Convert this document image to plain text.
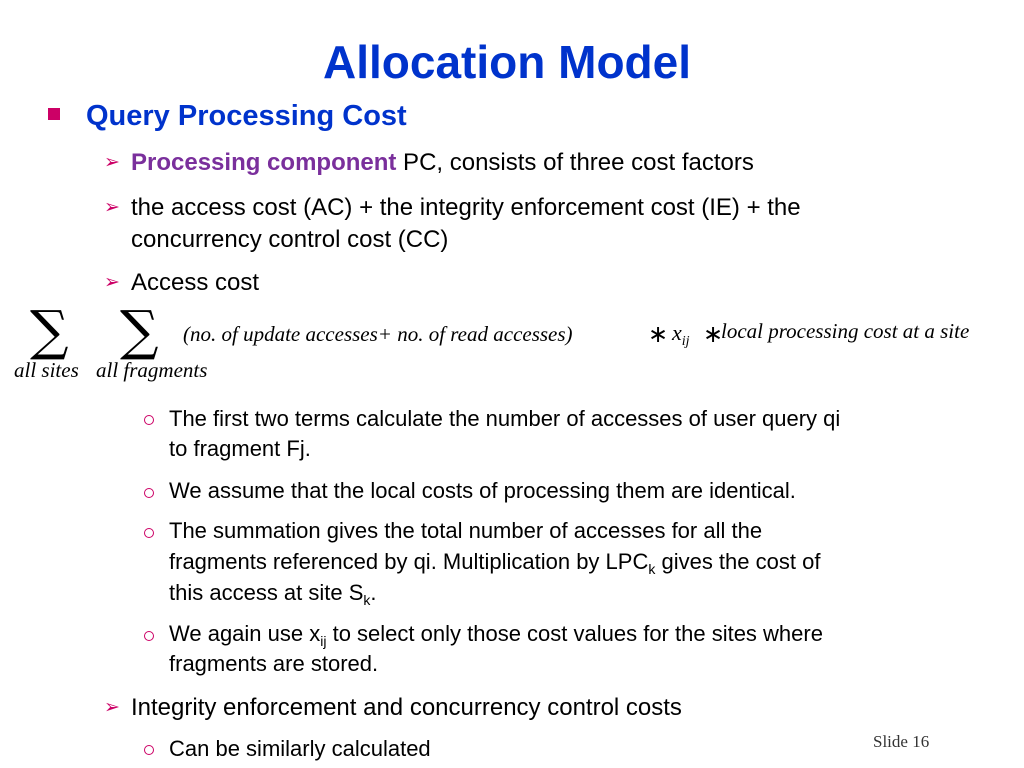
Allocation Model
Query Processing Cost
➢ Processing component PC, consists of three cost factors
➢ the access cost (AC) + the integrity enforcement cost (IE) + the
concurrency control cost (CC)
➢ Access cost
∑ ∑
all sites all fragments
(no. of update accesses+ no. of read accesses)	∗ $x_{ij}$ ∗
local processing cost at a site
The first two terms calculate the number of accesses of user query qi
to fragment Fj.
We assume that the local costs of processing them are identical.
The summation gives the total number of accesses for all the
fragments referenced by qi. Multiplication by $LPC_k$ gives the cost of
this access at site $S_k$.
We again use $x_{ij}$ to select only those cost values for the sites where
fragments are stored.
➢ Integrity enforcement and concurrency control costs
Can be similarly calculated	Slide 16
